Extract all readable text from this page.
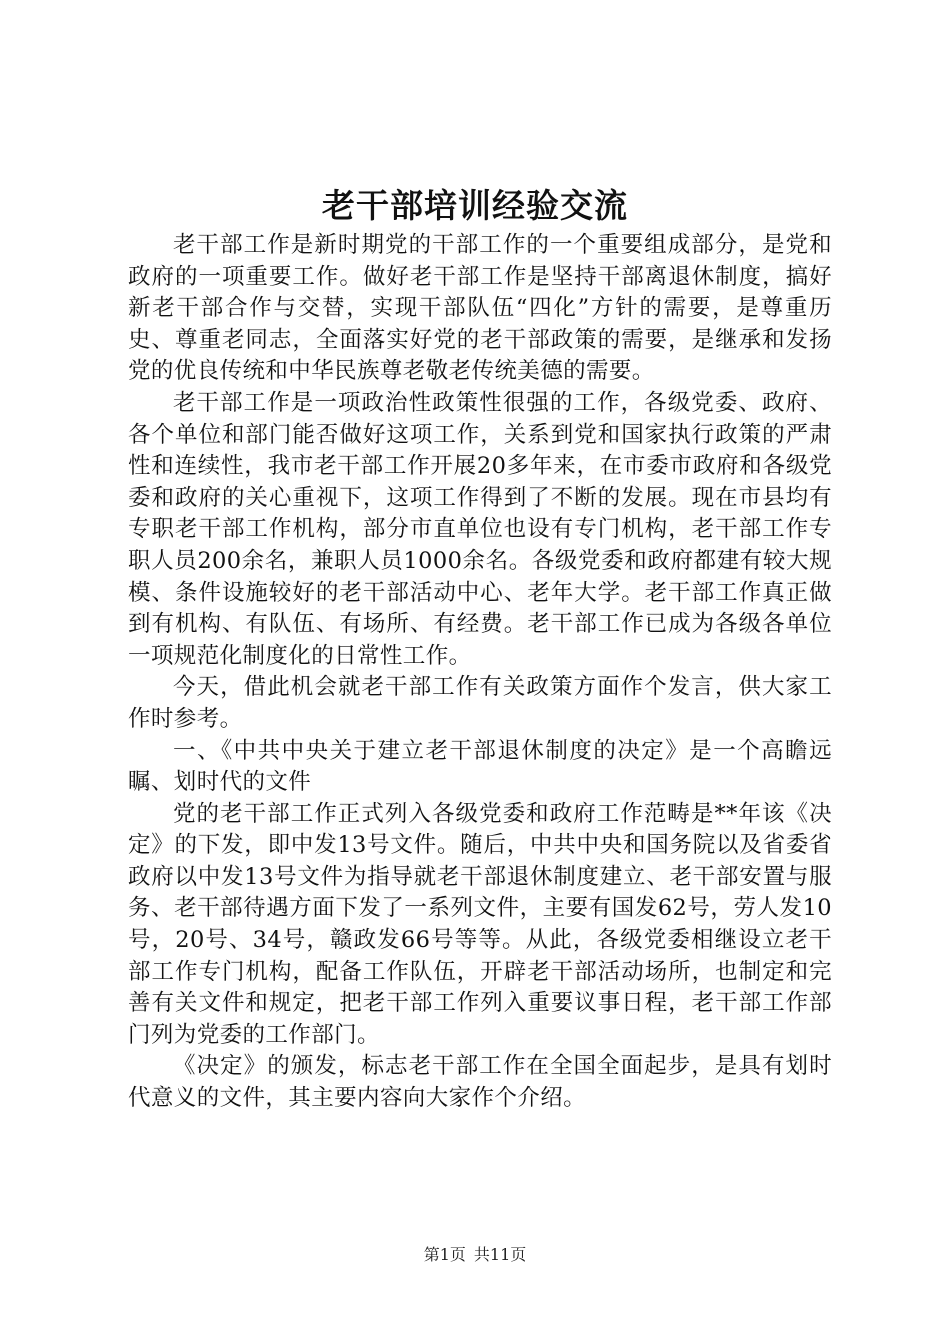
老干部培训经验交流

老干部工作是新时期党的干部工作的一个重要组成部分，是党和政府的一项重要工作。做好老干部工作是坚持干部离退休制度，搞好新老干部合作与交替，实现干部队伍“四化”方针的需要，是尊重历史、尊重老同志，全面落实好党的老干部政策的需要，是继承和发扬党的优良传统和中华民族尊老敬老传统美德的需要。

老干部工作是一项政治性政策性很强的工作，各级党委、政府、各个单位和部门能否做好这项工作，关系到党和国家执行政策的严肃性和连续性，我市老干部工作开展20多年来，在市委市政府和各级党委和政府的关心重视下，这项工作得到了不断的发展。现在市县均有专职老干部工作机构，部分市直单位也设有专门机构，老干部工作专职人员200余名，兼职人员1000余名。各级党委和政府都建有较大规模、条件设施较好的老干部活动中心、老年大学。老干部工作真正做到有机构、有队伍、有场所、有经费。老干部工作已成为各级各单位一项规范化制度化的日常性工作。

今天，借此机会就老干部工作有关政策方面作个发言，供大家工作时参考。

一、《中共中央关于建立老干部退休制度的决定》是一个高瞻远瞩、划时代的文件

党的老干部工作正式列入各级党委和政府工作范畴是**年该《决定》的下发，即中发13号文件。随后，中共中央和国务院以及省委省政府以中发13号文件为指导就老干部退休制度建立、老干部安置与服务、老干部待遇方面下发了一系列文件，主要有国发62号，劳人发10号，20号、34号，赣政发66号等等。从此，各级党委相继设立老干部工作专门机构，配备工作队伍，开辟老干部活动场所，也制定和完善有关文件和规定，把老干部工作列入重要议事日程，老干部工作部门列为党委的工作部门。

《决定》的颁发，标志老干部工作在全国全面起步，是具有划时代意义的文件，其主要内容向大家作个介绍。

第1页 共11页
